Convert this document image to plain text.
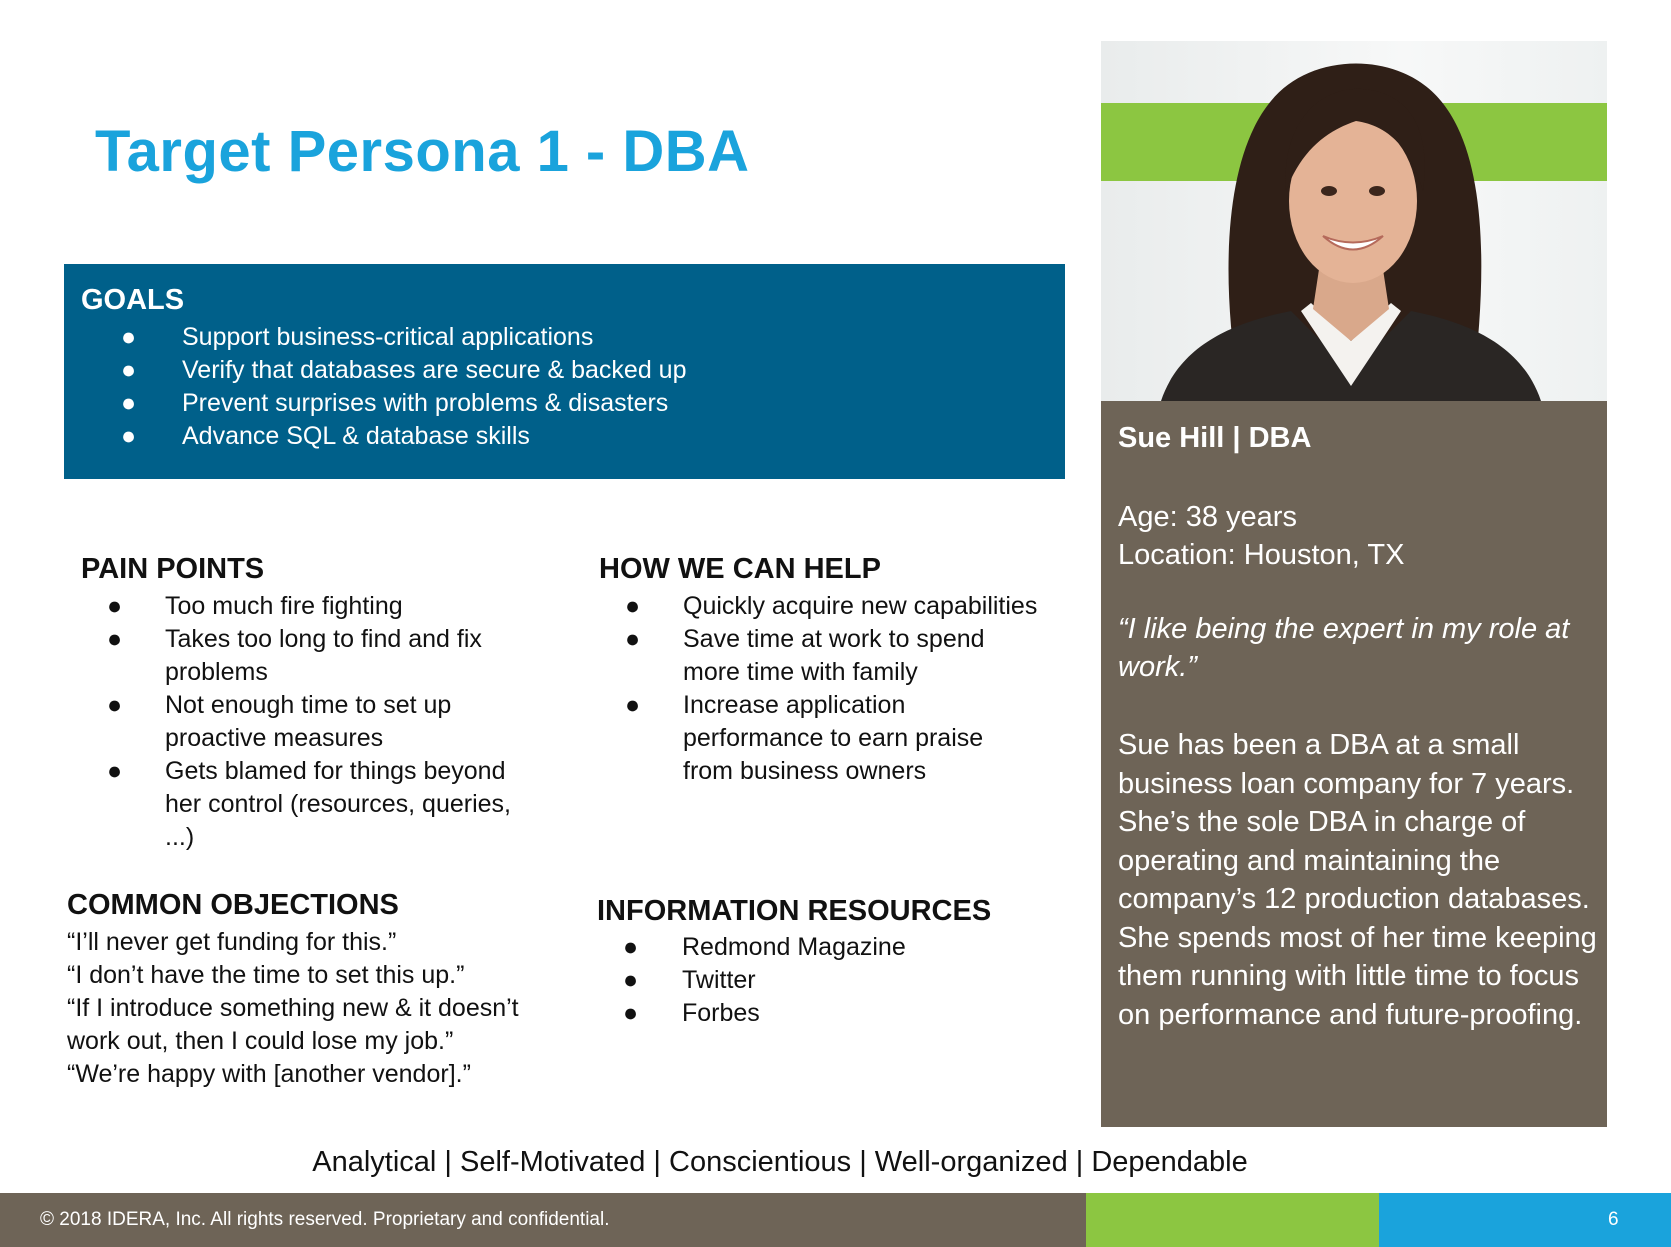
Target Persona 1 - DBA
GOALS
● Support business-critical applications
● Verify that databases are secure & backed up
● Prevent surprises with problems & disasters
● Advance SQL & database skills
PAIN POINTS
● Too much fire fighting
● Takes too long to find and fix problems
● Not enough time to set up proactive measures
● Gets blamed for things beyond her control (resources, queries, ...)
HOW WE CAN HELP
● Quickly acquire new capabilities
● Save time at work to spend more time with family
● Increase application performance to earn praise from business owners
COMMON OBJECTIONS
“I’ll never get funding for this.”
“I don’t have the time to set this up.”
“If I introduce something new & it doesn’t
work out, then I could lose my job.”
“We’re happy with [another vendor].”
INFORMATION RESOURCES
● Redmond Magazine
● Twitter
● Forbes
Sue Hill | DBA
Age: 38 years
Location: Houston, TX
“I like being the expert in my role at work.”
Sue has been a DBA at a small business loan company for 7 years. She’s the sole DBA in charge of operating and maintaining the company’s 12 production databases. She spends most of her time keeping them running with little time to focus on performance and future-proofing.
Analytical | Self-Motivated | Conscientious | Well-organized | Dependable
© 2018 IDERA, Inc. All rights reserved. Proprietary and confidential.	6
